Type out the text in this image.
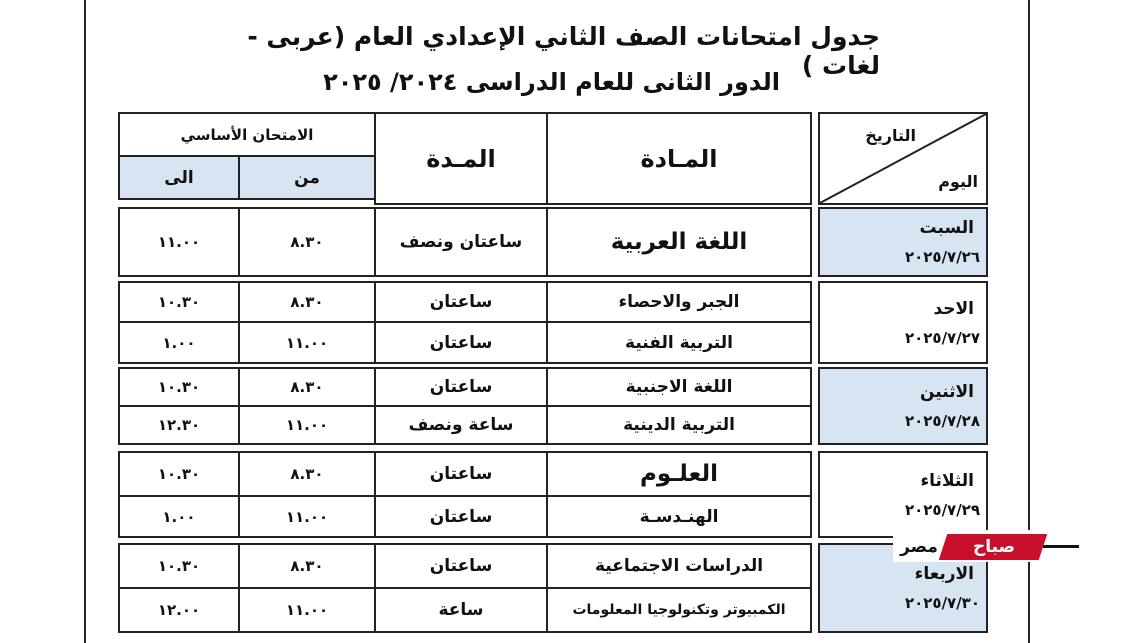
جدول امتحانات الصف الثاني الإعدادي العام (عربى - لغات )
الدور الثانى للعام الدراسى ٢٠٢٤/ ٢٠٢٥
التاريخ
اليوم
المـادة
المـدة
الامتحان الأساسي
من
الى
السبت
٢٠٢٥/٧/٢٦
الاحد
٢٠٢٥/٧/٢٧
الاثنين
٢٠٢٥/٧/٢٨
الثلاثاء
٢٠٢٥/٧/٢٩
الاربعاء
٢٠٢٥/٧/٣٠
اللغة العربية
ساعتان ونصف
٨.٣٠
١١.٠٠
الجبر والاحصاء
ساعتان
٨.٣٠
١٠.٣٠
التربية الفنية
ساعتان
١١.٠٠
١.٠٠
اللغة الاجنبية
ساعتان
٨.٣٠
١٠.٣٠
التربية الدينية
ساعة ونصف
١١.٠٠
١٢.٣٠
العلـوم
ساعتان
٨.٣٠
١٠.٣٠
الهنـدسـة
ساعتان
١١.٠٠
١.٠٠
الدراسات الاجتماعية
ساعتان
٨.٣٠
١٠.٣٠
الكمبيوتر وتكنولوجيا المعلومات
ساعة
١١.٠٠
١٢.٠٠
صباح
مصر
